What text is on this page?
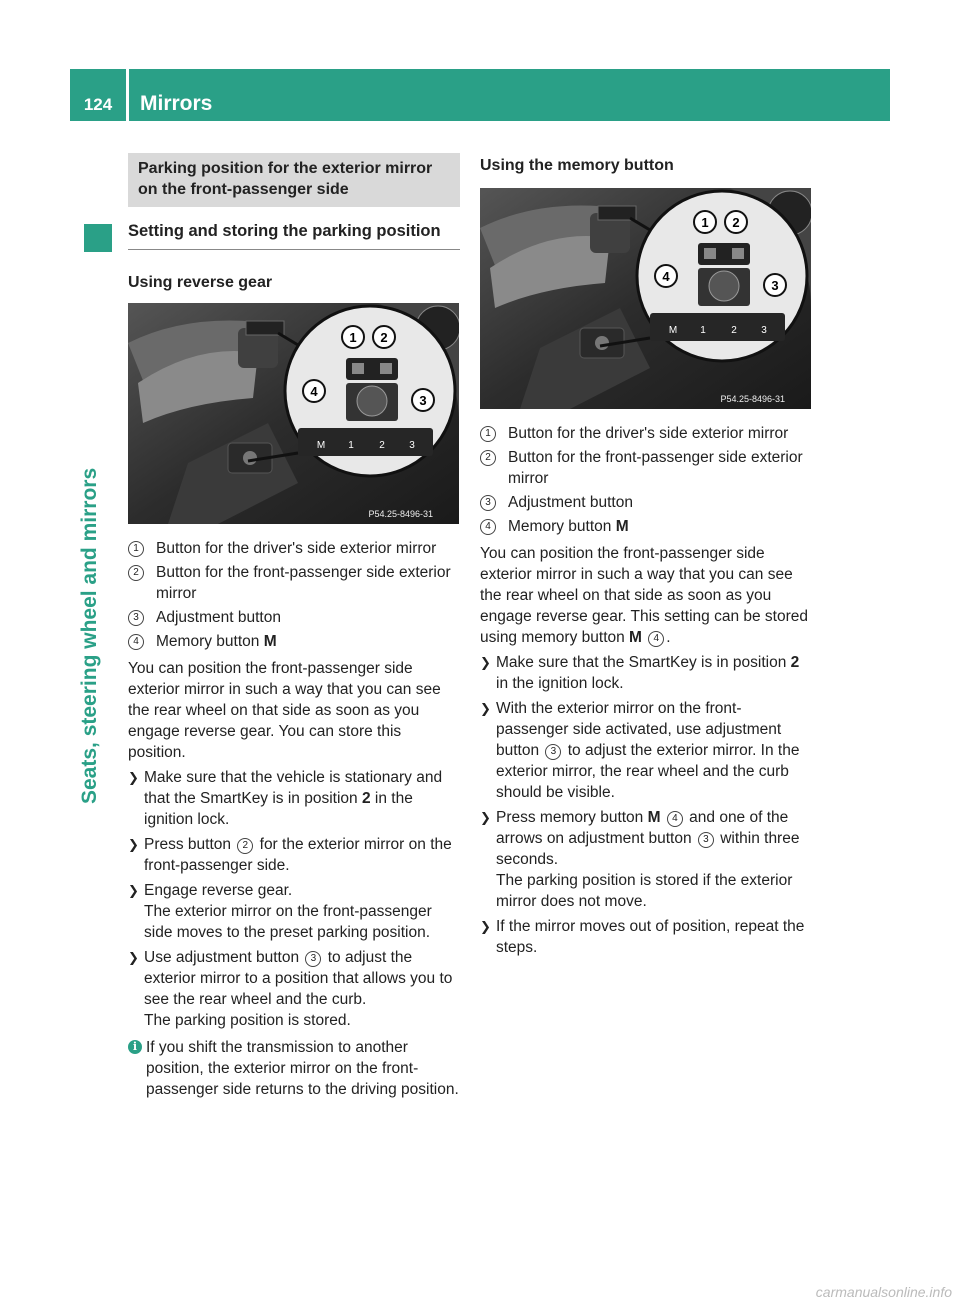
124	Mirrors
Seats, steering wheel and mirrors
Parking position for the exterior mirror on the front-passenger side
Setting and storing the parking position
Using reverse gear
M 1	2 3
1 2
3
4
P54.25-8496-31
1	Button for the driver's side exterior mirror
2	Button for the front-passenger side exterior mirror
3	Adjustment button
4	Memory button M

You can position the front-passenger side exterior mirror in such a way that you can see the rear wheel on that side as soon as you engage reverse gear. You can store this position.

❯ Make sure that the vehicle is stationary and that the SmartKey is in position 2 in the ignition lock.
❯ Press button 2 for the exterior mirror on the front-passenger side.
❯ Engage reverse gear.
The exterior mirror on the front-passenger side moves to the preset parking position.
❯ Use adjustment button 3 to adjust the exterior mirror to a position that allows you to see the rear wheel and the curb.
The parking position is stored.
i If you shift the transmission to another position, the exterior mirror on the front-passenger side returns to the driving position.
Using the memory button
M 1	2 3
1 2
3
4
P54.25-8496-31
1	Button for the driver's side exterior mirror
2	Button for the front-passenger side exterior mirror
3	Adjustment button
4	Memory button M

You can position the front-passenger side exterior mirror in such a way that you can see the rear wheel on that side as soon as you engage reverse gear. This setting can be stored using memory button M 4 .

❯ Make sure that the SmartKey is in position 2 in the ignition lock.
❯ With the exterior mirror on the front-passenger side activated, use adjustment button 3 to adjust the exterior mirror. In the exterior mirror, the rear wheel and the curb should be visible.
❯ Press memory button M 4 and one of the arrows on adjustment button 3 within three seconds.
The parking position is stored if the exterior mirror does not move.
❯ If the mirror moves out of position, repeat the steps.
carmanualsonline.info
